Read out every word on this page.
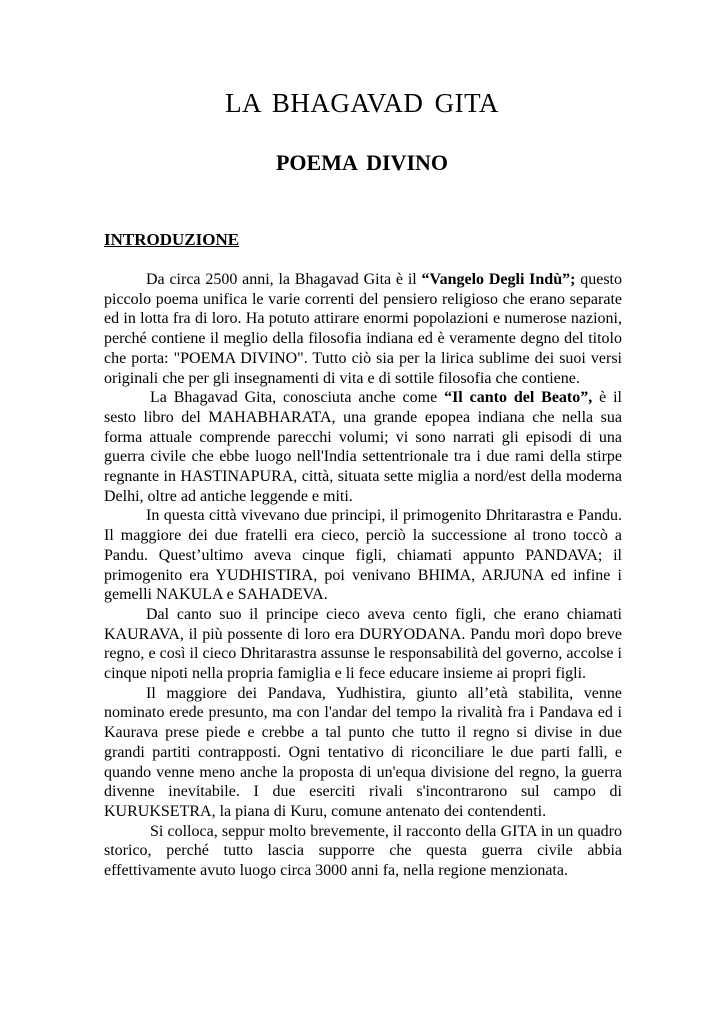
LA BHAGAVAD GITA
POEMA DIVINO
INTRODUZIONE

Da circa 2500 anni, la Bhagavad Gita è il “Vangelo Degli Indù”; questo piccolo poema unifica le varie correnti del pensiero religioso che erano separate ed in lotta fra di loro. Ha potuto attirare enormi popolazioni e numerose nazioni, perché contiene il meglio della filosofia indiana ed è veramente degno del titolo che porta: "POEMA DIVINO". Tutto ciò sia per la lirica sublime dei suoi versi originali che per gli insegnamenti di vita e di sottile filosofia che contiene.

La Bhagavad Gita, conosciuta anche come “Il canto del Beato”, è il sesto libro del MAHABHARATA, una grande epopea indiana che nella sua forma attuale comprende parecchi volumi; vi sono narrati gli episodi di una guerra civile che ebbe luogo nell'India settentrionale tra i due rami della stirpe regnante in HASTINAPURA, città, situata sette miglia a nord/est della moderna Delhi, oltre ad antiche leggende e miti.

In questa città vivevano due principi, il primogenito Dhritarastra e Pandu. Il maggiore dei due fratelli era cieco, perciò la successione al trono toccò a Pandu. Quest’ultimo aveva cinque figli, chiamati appunto PANDAVA; il primogenito era YUDHISTIRA, poi venivano BHIMA, ARJUNA ed infine i gemelli NAKULA e SAHADEVA.

Dal canto suo il principe cieco aveva cento figli, che erano chiamati KAURAVA, il più possente di loro era DURYODANA. Pandu morì dopo breve regno, e così il cieco Dhritarastra assunse le responsabilità del governo, accolse i cinque nipoti nella propria famiglia e li fece educare insieme ai propri figli.

Il maggiore dei Pandava, Yudhistira, giunto all’età stabilita, venne nominato erede presunto, ma con l'andar del tempo la rivalità fra i Pandava ed i Kaurava prese piede e crebbe a tal punto che tutto il regno si divise in due grandi partiti contrapposti. Ogni tentativo di riconciliare le due parti fallì, e quando venne meno anche la proposta di un'equa divisione del regno, la guerra divenne inevitabile. I due eserciti rivali s'incontrarono sul campo di KURUKSETRA, la piana di Kuru, comune antenato dei contendenti.

Si colloca, seppur molto brevemente, il racconto della GITA in un quadro storico, perché tutto lascia supporre che questa guerra civile abbia effettivamente avuto luogo circa 3000 anni fa, nella regione menzionata.
